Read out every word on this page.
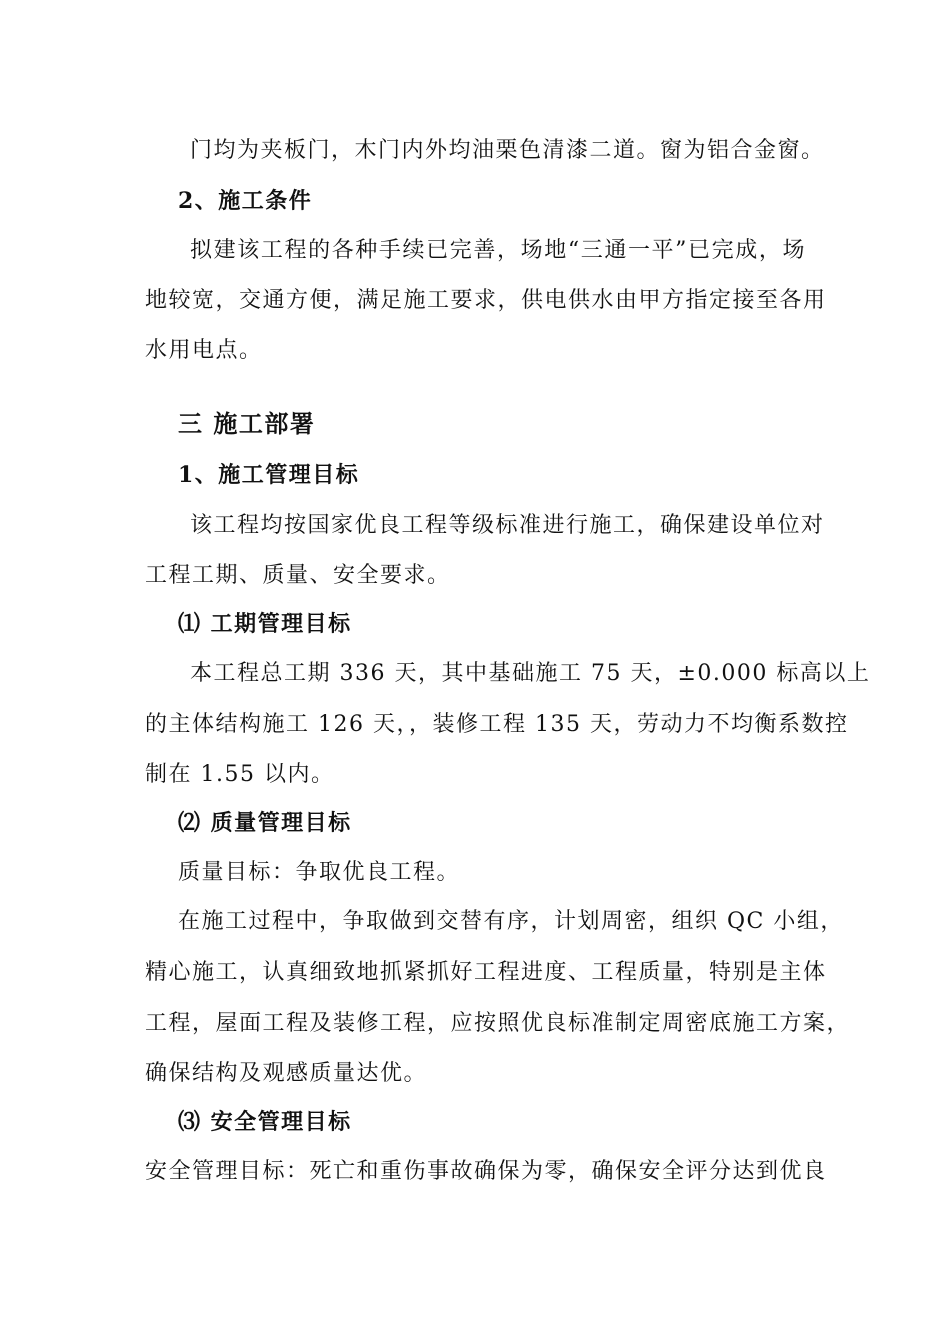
门均为夹板门，木门内外均油栗色清漆二道。窗为铝合金窗。
2、施工条件
拟建该工程的各种手续已完善，场地“三通一平”已完成，场
地较宽，交通方便，满足施工要求，供电供水由甲方指定接至各用
水用电点。
三 施工部署
1、施工管理目标
该工程均按国家优良工程等级标准进行施工，确保建设单位对
工程工期、质量、安全要求。
⑴ 工期管理目标
本工程总工期 336 天，其中基础施工 75 天，±0.000 标高以上
的主体结构施工 126 天，，装修工程 135 天，劳动力不均衡系数控
制在 1.55 以内。
⑵ 质量管理目标
质量目标：争取优良工程。
在施工过程中，争取做到交替有序，计划周密，组织 QC 小组，
精心施工，认真细致地抓紧抓好工程进度、工程质量，特别是主体
工程，屋面工程及装修工程，应按照优良标准制定周密底施工方案，
确保结构及观感质量达优。
⑶ 安全管理目标
安全管理目标：死亡和重伤事故确保为零，确保安全评分达到优良
